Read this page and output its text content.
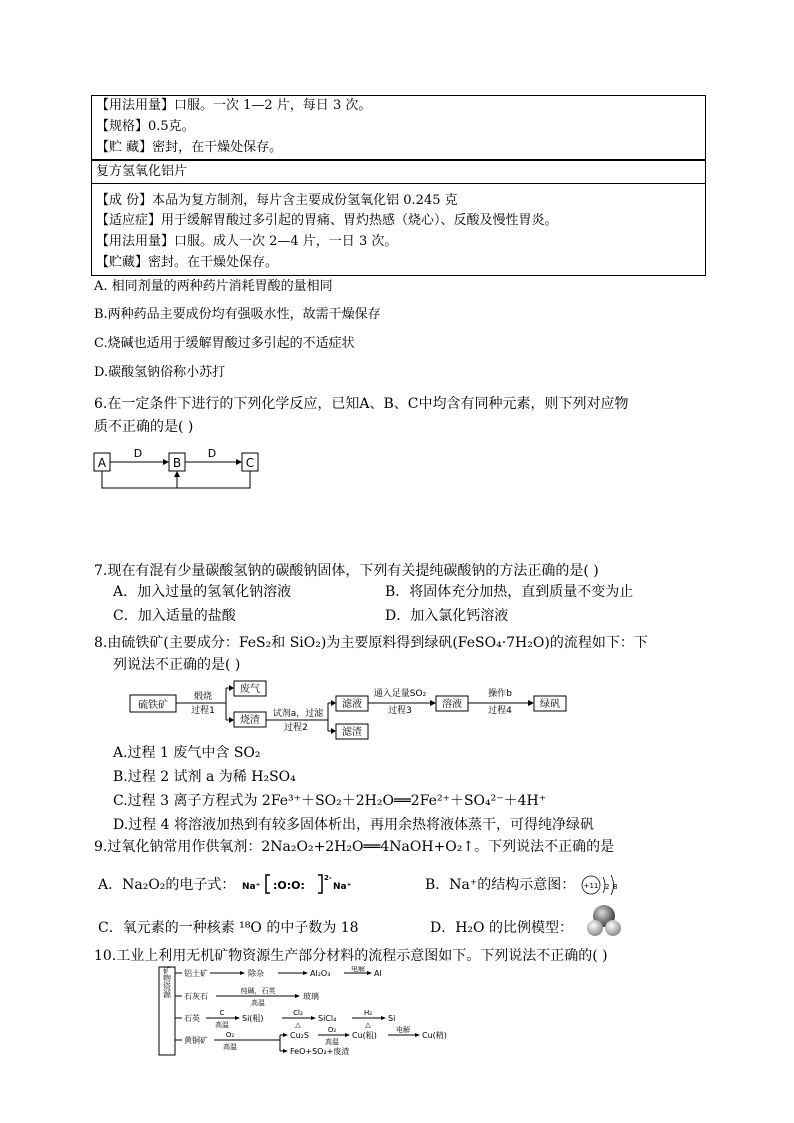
【用法用量】口服。一次 1—2 片，每日 3 次。
【规格】0.5克。
【贮 藏】密封，在干燥处保存。
复方氢氧化铝片
【成 份】本品为复方制剂，每片含主要成份氢氧化铝 0.245 克
【适应症】用于缓解胃酸过多引起的胃痛、胃灼热感（烧心）、反酸及慢性胃炎。
【用法用量】口服。成人一次 2—4 片，一日 3 次。
【贮藏】密封。在干燥处保存。
A. 相同剂量的两种药片消耗胃酸的量相同
B.两种药品主要成份均有强吸水性，故需干燥保存
C.烧碱也适用于缓解胃酸过多引起的不适症状
D.碳酸氢钠俗称小苏打
6.在一定条件下进行的下列化学反应，已知A、B、C中均含有同种元素，则下列对应物
质不正确的是( )
A	B	C
D	D
7.现在有混有少量碳酸氢钠的碳酸钠固体，下列有关提纯碳酸钠的方法正确的是( )
A．加入过量的氢氧化钠溶液	B．将固体充分加热，直到质量不变为止
C．加入适量的盐酸	D．加入氯化钙溶液
8.由硫铁矿(主要成分：FeS₂和 SiO₂)为主要原料得到绿矾(FeSO₄·7H₂O)的流程如下：下
列说法不正确的是( )
硫铁矿
煅烧
过程1
废气
烧渣
试剂a，过滤
过程2
滤液
滤渣
通入足量SO₂
过程3
溶液
操作b
过程4
绿矾
A.过程 1 废气中含 SO₂
B.过程 2 试剂 a 为稀 H₂SO₄
C.过程 3 离子方程式为 2Fe³⁺＋SO₂＋2H₂O══2Fe²⁺＋SO₄²⁻＋4H⁺
D.过程 4 将溶液加热到有较多固体析出，再用余热将液体蒸干，可得纯净绿矾
9.过氧化钠常用作供氧剂：2Na₂O₂+2H₂O══4NaOH+O₂↑。下列说法不正确的是
A．Na₂O₂的电子式： Na⁺ :O:O:
2-
Na⁺	B．Na⁺的结构示意图： +11 2 8
C．氧元素的一种核素 ¹⁸O 的中子数为 18	D．H₂O 的比例模型：
10.工业上利用无机矿物资源生产部分材料的流程示意图如下。下列说法不正确的( )
矿物资源 铝土矿	除杂	Al₂O₃	电解 Al
石灰石
纯碱，石英
高温
玻璃
石英
C
高温
Si(粗)
Cl₂
△
SiCl₄
H₂
△
Si
黄铜矿
O₂
高温
Cu₂S
O₂
高温
Cu(粗)
电解
Cu(精)
FeO+SO₂+废渣
